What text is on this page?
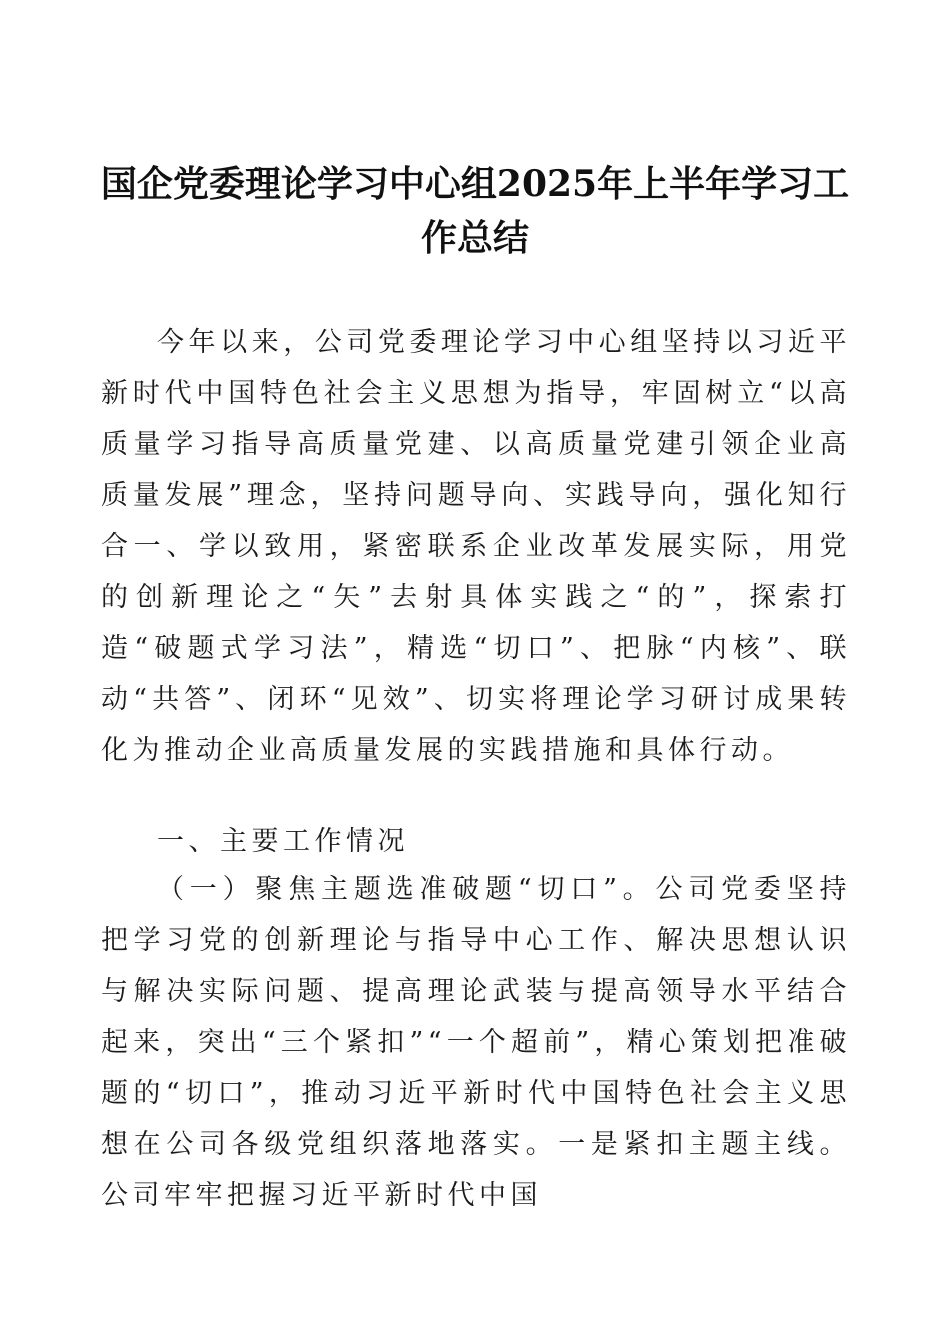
国企党委理论学习中心组2025年上半年学习工作总结

今年以来，公司党委理论学习中心组坚持以习近平新时代中国特色社会主义思想为指导，牢固树立“以高质量学习指导高质量党建、以高质量党建引领企业高质量发展”理念，坚持问题导向、实践导向，强化知行合一、学以致用，紧密联系企业改革发展实际，用党的创新理论之“矢”去射具体实践之“的”，探索打造“破题式学习法”，精选“切口”、把脉“内核”、联动“共答”、闭环“见效”、切实将理论学习研讨成果转化为推动企业高质量发展的实践措施和具体行动。

一、主要工作情况

（一）聚焦主题选准破题“切口”。公司党委坚持把学习党的创新理论与指导中心工作、解决思想认识与解决实际问题、提高理论武装与提高领导水平结合起来，突出“三个紧扣”“一个超前”，精心策划把准破题的“切口”，推动习近平新时代中国特色社会主义思想在公司各级党组织落地落实。一是紧扣主题主线。公司牢牢把握习近平新时代中国
